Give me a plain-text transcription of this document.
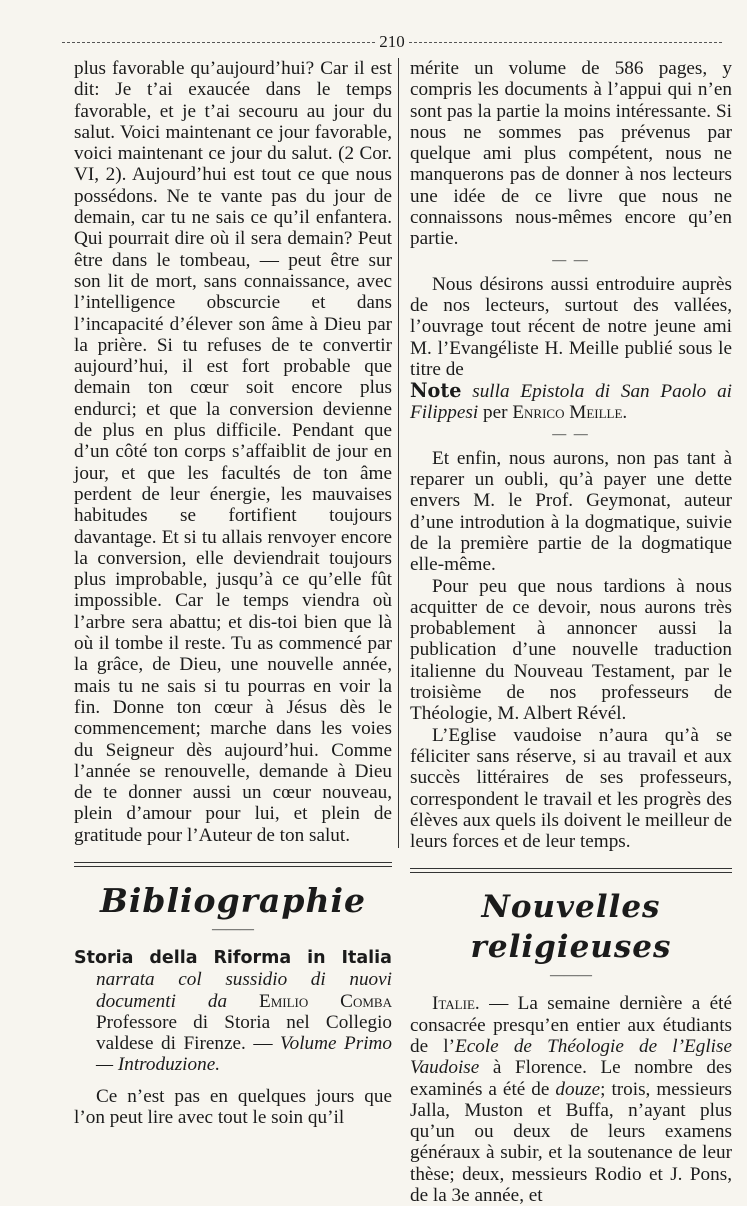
210

plus favorable qu’aujourd’hui? Car il est dit: Je t’ai exaucée dans le temps favorable, et je t’ai secouru au jour du salut. Voici maintenant ce jour favorable, voici maintenant ce jour du salut. (2 Cor. VI, 2). Aujourd’hui est tout ce que nous possédons. Ne te vante pas du jour de demain, car tu ne sais ce qu’il enfantera. Qui pourrait dire où il sera demain? Peut être dans le tombeau, — peut être sur son lit de mort, sans connaissance, avec l’intelligence obscurcie et dans l’incapacité d’élever son âme à Dieu par la prière. Si tu refuses de te convertir aujourd’hui, il est fort probable que demain ton cœur soit encore plus endurci; et que la conversion devienne de plus en plus difficile. Pendant que d’un côté ton corps s’affaiblit de jour en jour, et que les facultés de ton âme perdent de leur énergie, les mauvaises habitudes se fortifient toujours davantage. Et si tu allais renvoyer encore la conversion, elle deviendrait toujours plus improbable, jusqu’à ce qu’elle fût impossible. Car le temps viendra où l’arbre sera abattu; et dis-toi bien que là où il tombe il reste. Tu as commencé par la grâce, de Dieu, une nouvelle année, mais tu ne sais si tu pourras en voir la fin. Donne ton cœur à Jésus dès le commencement; marche dans les voies du Seigneur dès aujourd’hui. Comme l’année se renouvelle, demande à Dieu de te donner aussi un cœur nouveau, plein d’amour pour lui, et plein de gratitude pour l’Auteur de ton salut.

Bibliographie
———

Storia della Riforma in Italia narrata col sussidio di nuovi documenti da Emilio Comba Professore di Storia nel Collegio valdese di Firenze. — Volume Primo — Introduzione.

Ce n’est pas en quelques jours que l’on peut lire avec tout le soin qu’il

mérite un volume de 586 pages, y compris les documents à l’appui qui n’en sont pas la partie la moins intéressante. Si nous ne sommes pas prévenus par quelque ami plus compétent, nous ne manquerons pas de donner à nos lecteurs une idée de ce livre que nous ne connaissons nous-mêmes encore qu’en partie.

— —

Nous désirons aussi entroduire auprès de nos lecteurs, surtout des vallées, l’ouvrage tout récent de notre jeune ami M. l’Evangéliste H. Meille publié sous le titre de

Note sulla Epistola di San Paolo ai Filippesi per Enrico Meille.

— —

Et enfin, nous aurons, non pas tant à reparer un oubli, qu’à payer une dette envers M. le Prof. Geymonat, auteur d’une introdution à la dogmatique, suivie de la première partie de la dogmatique elle-même.

Pour peu que nous tardions à nous acquitter de ce devoir, nous aurons très probablement à annoncer aussi la publication d’une nouvelle traduction italienne du Nouveau Testament, par le troisième de nos professeurs de Théologie, M. Albert Révél.

L’Eglise vaudoise n’aura qu’à se féliciter sans réserve, si au travail et aux succès littéraires de ses professeurs, correspondent le travail et les progrès des élèves aux quels ils doivent le meilleur de leurs forces et de leur temps.

Nouvelles religieuses
———

Italie. — La semaine dernière a été consacrée presqu’en entier aux étudiants de l’Ecole de Théologie de l’Eglise Vaudoise à Florence. Le nombre des examinés a été de douze; trois, messieurs Jalla, Muston et Buffa, n’ayant plus qu’un ou deux de leurs examens généraux à subir, et la soutenance de leur thèse; deux, messieurs Rodio et J. Pons, de la 3e année, et
